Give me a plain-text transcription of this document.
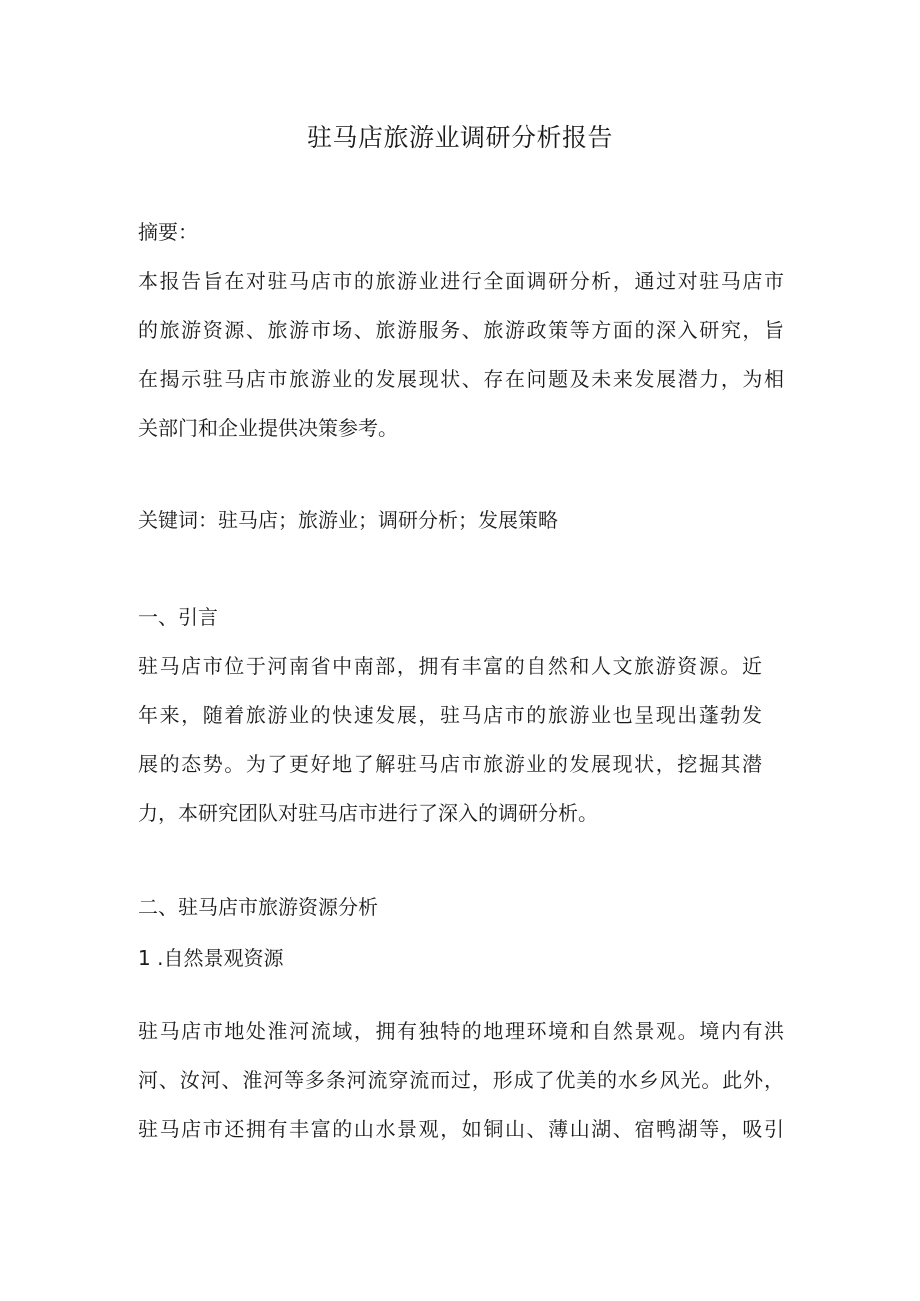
驻马店旅游业调研分析报告
摘要：
本报告旨在对驻马店市的旅游业进行全面调研分析，通过对驻马店市
的旅游资源、旅游市场、旅游服务、旅游政策等方面的深入研究，旨
在揭示驻马店市旅游业的发展现状、存在问题及未来发展潜力，为相
关部门和企业提供决策参考。
关键词：驻马店；旅游业；调研分析；发展策略
一、引言
驻马店市位于河南省中南部，拥有丰富的自然和人文旅游资源。近
年来，随着旅游业的快速发展，驻马店市的旅游业也呈现出蓬勃发
展的态势。为了更好地了解驻马店市旅游业的发展现状，挖掘其潜
力，本研究团队对驻马店市进行了深入的调研分析。
二、驻马店市旅游资源分析
1 .自然景观资源
驻马店市地处淮河流域，拥有独特的地理环境和自然景观。境内有洪
河、汝河、淮河等多条河流穿流而过，形成了优美的水乡风光。此外，
驻马店市还拥有丰富的山水景观，如铜山、薄山湖、宿鸭湖等，吸引
